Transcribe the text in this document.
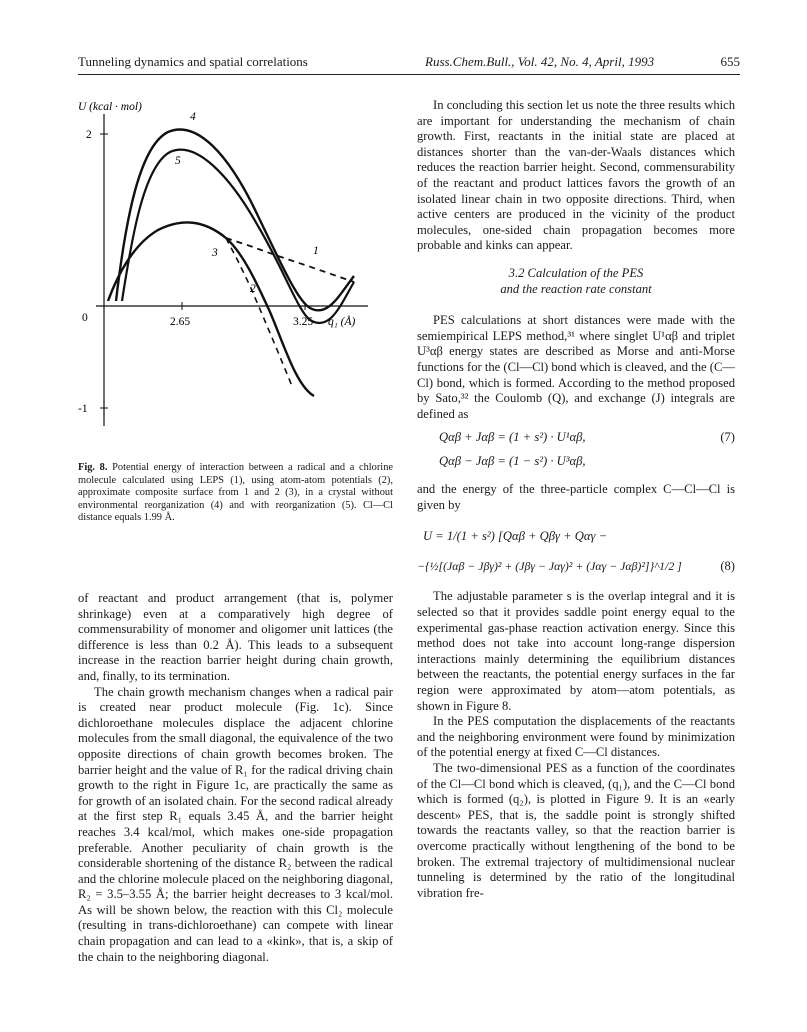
Tunneling dynamics and spatial correlations	Russ.Chem.Bull., Vol. 42, No. 4, April, 1993	655
U (kcal · mol)
2
0
-1
2.65	3.25 q₁ (Å)
4
5
3	1
2
Fig. 8. Potential energy of interaction between a radical and a chlorine molecule calculated using LEPS (1), using atom-atom potentials (2), approximate composite surface from 1 and 2 (3), in a crystal without environmental reorganization (4) and with reorganization (5). Cl—Cl distance equals 1.99 Å.

of reactant and product arrangement (that is, polymer shrinkage) even at a comparatively high degree of commensurability of monomer and oligomer unit lattices (the difference is less than 0.2 Å). This leads to a subsequent increase in the reaction barrier height during chain growth, and, finally, to its termination.

The chain growth mechanism changes when a radical pair is created near product molecule (Fig. 1c). Since dichloroethane molecules displace the adjacent chlorine molecules from the small diagonal, the equivalence of the two opposite directions of chain growth becomes broken. The barrier height and the value of R₁ for the radical driving chain growth to the right in Figure 1c, are practically the same as for growth of an isolated chain. For the second radical already at the first step R₁ equals 3.45 Å, and the barrier height reaches 3.4 kcal/mol, which makes one-side propagation preferable. Another peculiarity of chain growth is the considerable shortening of the distance R₂ between the radical and the chlorine molecule placed on the neighboring diagonal, R₂ = 3.5–3.55 Å; the barrier height decreases to 3 kcal/mol. As will be shown below, the reaction with this Cl₂ molecule (resulting in trans-dichloroethane) can compete with linear chain propagation and can lead to a «kink», that is, a skip of the chain to the neighboring diagonal.

In concluding this section let us note the three results which are important for understanding the mechanism of chain growth. First, reactants in the initial state are placed at distances shorter than the van-der-Waals distances which reduces the reaction barrier height. Second, commensurability of the reactant and product lattices favors the growth of an isolated linear chain in two opposite directions. Third, when active centers are produced in the vicinity of the product molecules, one-sided chain propagation becomes more probable and kinks can appear.

3.2 Calculation of the PES

and the reaction rate constant

PES calculations at short distances were made with the semiempirical LEPS method,³¹ where singlet U¹αβ and triplet U³αβ energy states are described as Morse and anti-Morse functions for the (Cl—Cl) bond which is cleaved, and the (C—Cl) bond, which is formed. According to the method proposed by Sato,³² the Coulomb (Q), and exchange (J) integrals are defined as

Qαβ + Jαβ = (1 + s²) · U¹αβ,	(7)
Qαβ − Jαβ = (1 − s²) · U³αβ,

and the energy of the three-particle complex C—Cl—Cl is given by

U = 1/(1 + s²) [Qαβ + Qβγ + Qαγ −
−{½[(Jαβ − Jβγ)² + (Jβγ − Jαγ)² + (Jαγ − Jαβ)²]}^1/2 ]	(8)

The adjustable parameter s is the overlap integral and it is selected so that it provides saddle point energy equal to the experimental gas-phase reaction activation energy. Since this method does not take into account long-range dispersion interactions mainly determining the equilibrium distances between the reactants, the potential energy surfaces in the far region were approximated by atom—atom potentials, as shown in Figure 8.

In the PES computation the displacements of the reactants and the neighboring environment were found by minimization of the potential energy at fixed C—Cl distances.

The two-dimensional PES as a function of the coordinates of the Cl—Cl bond which is cleaved, (q₁), and the C—Cl bond which is formed (q₂), is plotted in Figure 9. It is an «early descent» PES, that is, the saddle point is strongly shifted towards the reactants valley, so that the reaction barrier is overcome practically without lengthening of the bond to be broken. The extremal trajectory of multidimensional nuclear tunneling is determined by the ratio of the longitudinal vibration fre-
